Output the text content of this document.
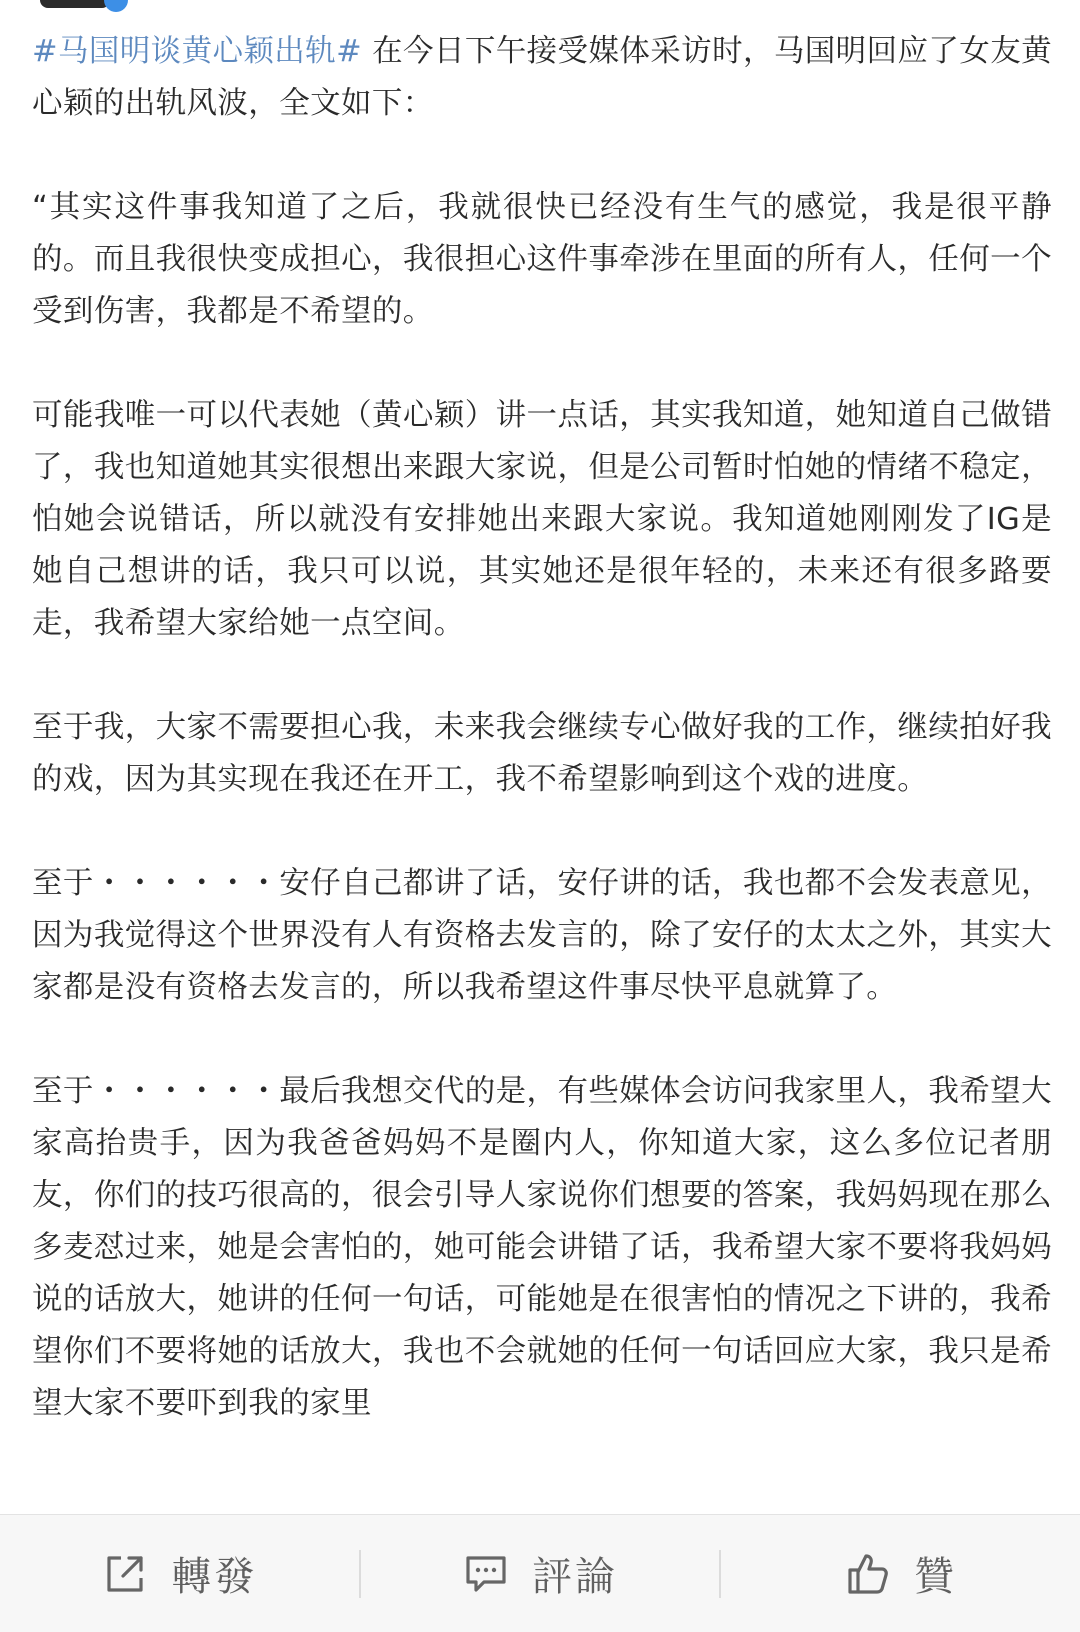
#马国明谈黄心颖出轨# 在今日下午接受媒体采访时，马国明回应了女友黄心颖的出轨风波，全文如下：

“其实这件事我知道了之后，我就很快已经没有生气的感觉，我是很平静的。而且我很快变成担心，我很担心这件事牵涉在里面的所有人，任何一个受到伤害，我都是不希望的。

可能我唯一可以代表她（黄心颖）讲一点话，其实我知道，她知道自己做错了，我也知道她其实很想出来跟大家说，但是公司暂时怕她的情绪不稳定，怕她会说错话，所以就没有安排她出来跟大家说。我知道她刚刚发了IG是她自己想讲的话，我只可以说，其实她还是很年轻的，未来还有很多路要走，我希望大家给她一点空间。

至于我，大家不需要担心我，未来我会继续专心做好我的工作，继续拍好我的戏，因为其实现在我还在开工，我不希望影响到这个戏的进度。

至于・・・・・・安仔自己都讲了话，安仔讲的话，我也都不会发表意见，因为我觉得这个世界没有人有资格去发言的，除了安仔的太太之外，其实大家都是没有资格去发言的，所以我希望这件事尽快平息就算了。

至于・・・・・・最后我想交代的是，有些媒体会访问我家里人，我希望大家高抬贵手，因为我爸爸妈妈不是圈内人，你知道大家，这么多位记者朋友，你们的技巧很高的，很会引导人家说你们想要的答案，我妈妈现在那么多麦怼过来，她是会害怕的，她可能会讲错了话，我希望大家不要将我妈妈说的话放大，她讲的任何一句话，可能她是在很害怕的情况之下讲的，我希望你们不要将她的话放大，我也不会就她的任何一句话回应大家，我只是希望大家不要吓到我的家里

轉發	評論	贊
